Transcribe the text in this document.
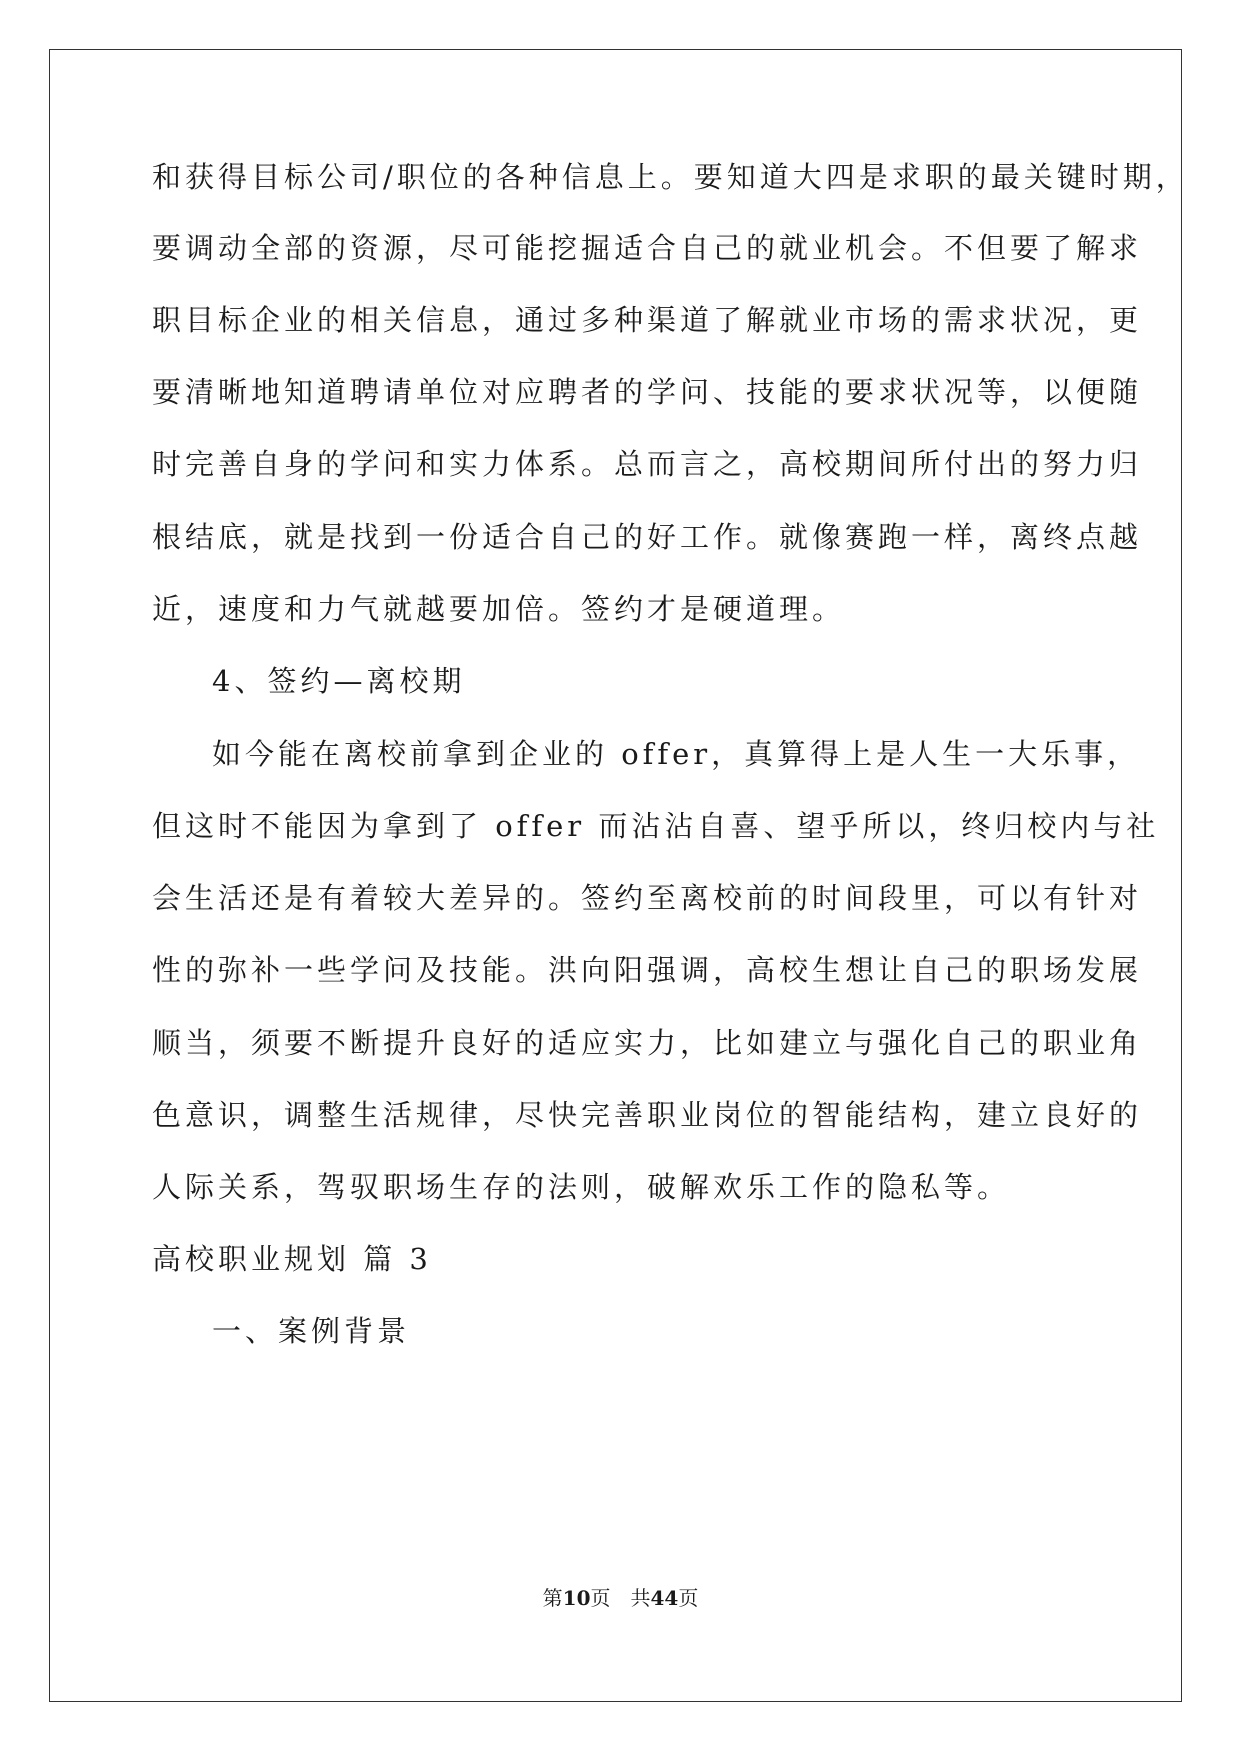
和获得目标公司/职位的各种信息上。要知道大四是求职的最关键时期，
要调动全部的资源，尽可能挖掘适合自己的就业机会。不但要了解求
职目标企业的相关信息，通过多种渠道了解就业市场的需求状况，更
要清晰地知道聘请单位对应聘者的学问、技能的要求状况等，以便随
时完善自身的学问和实力体系。总而言之，高校期间所付出的努力归
根结底，就是找到一份适合自己的好工作。就像赛跑一样，离终点越
近，速度和力气就越要加倍。签约才是硬道理。
4、签约—离校期
如今能在离校前拿到企业的 offer，真算得上是人生一大乐事，
但这时不能因为拿到了 offer 而沾沾自喜、望乎所以，终归校内与社
会生活还是有着较大差异的。签约至离校前的时间段里，可以有针对
性的弥补一些学问及技能。洪向阳强调，高校生想让自己的职场发展
顺当，须要不断提升良好的适应实力，比如建立与强化自己的职业角
色意识，调整生活规律，尽快完善职业岗位的智能结构，建立良好的
人际关系，驾驭职场生存的法则，破解欢乐工作的隐私等。
高校职业规划 篇 3
一、案例背景
第10页　共44页
